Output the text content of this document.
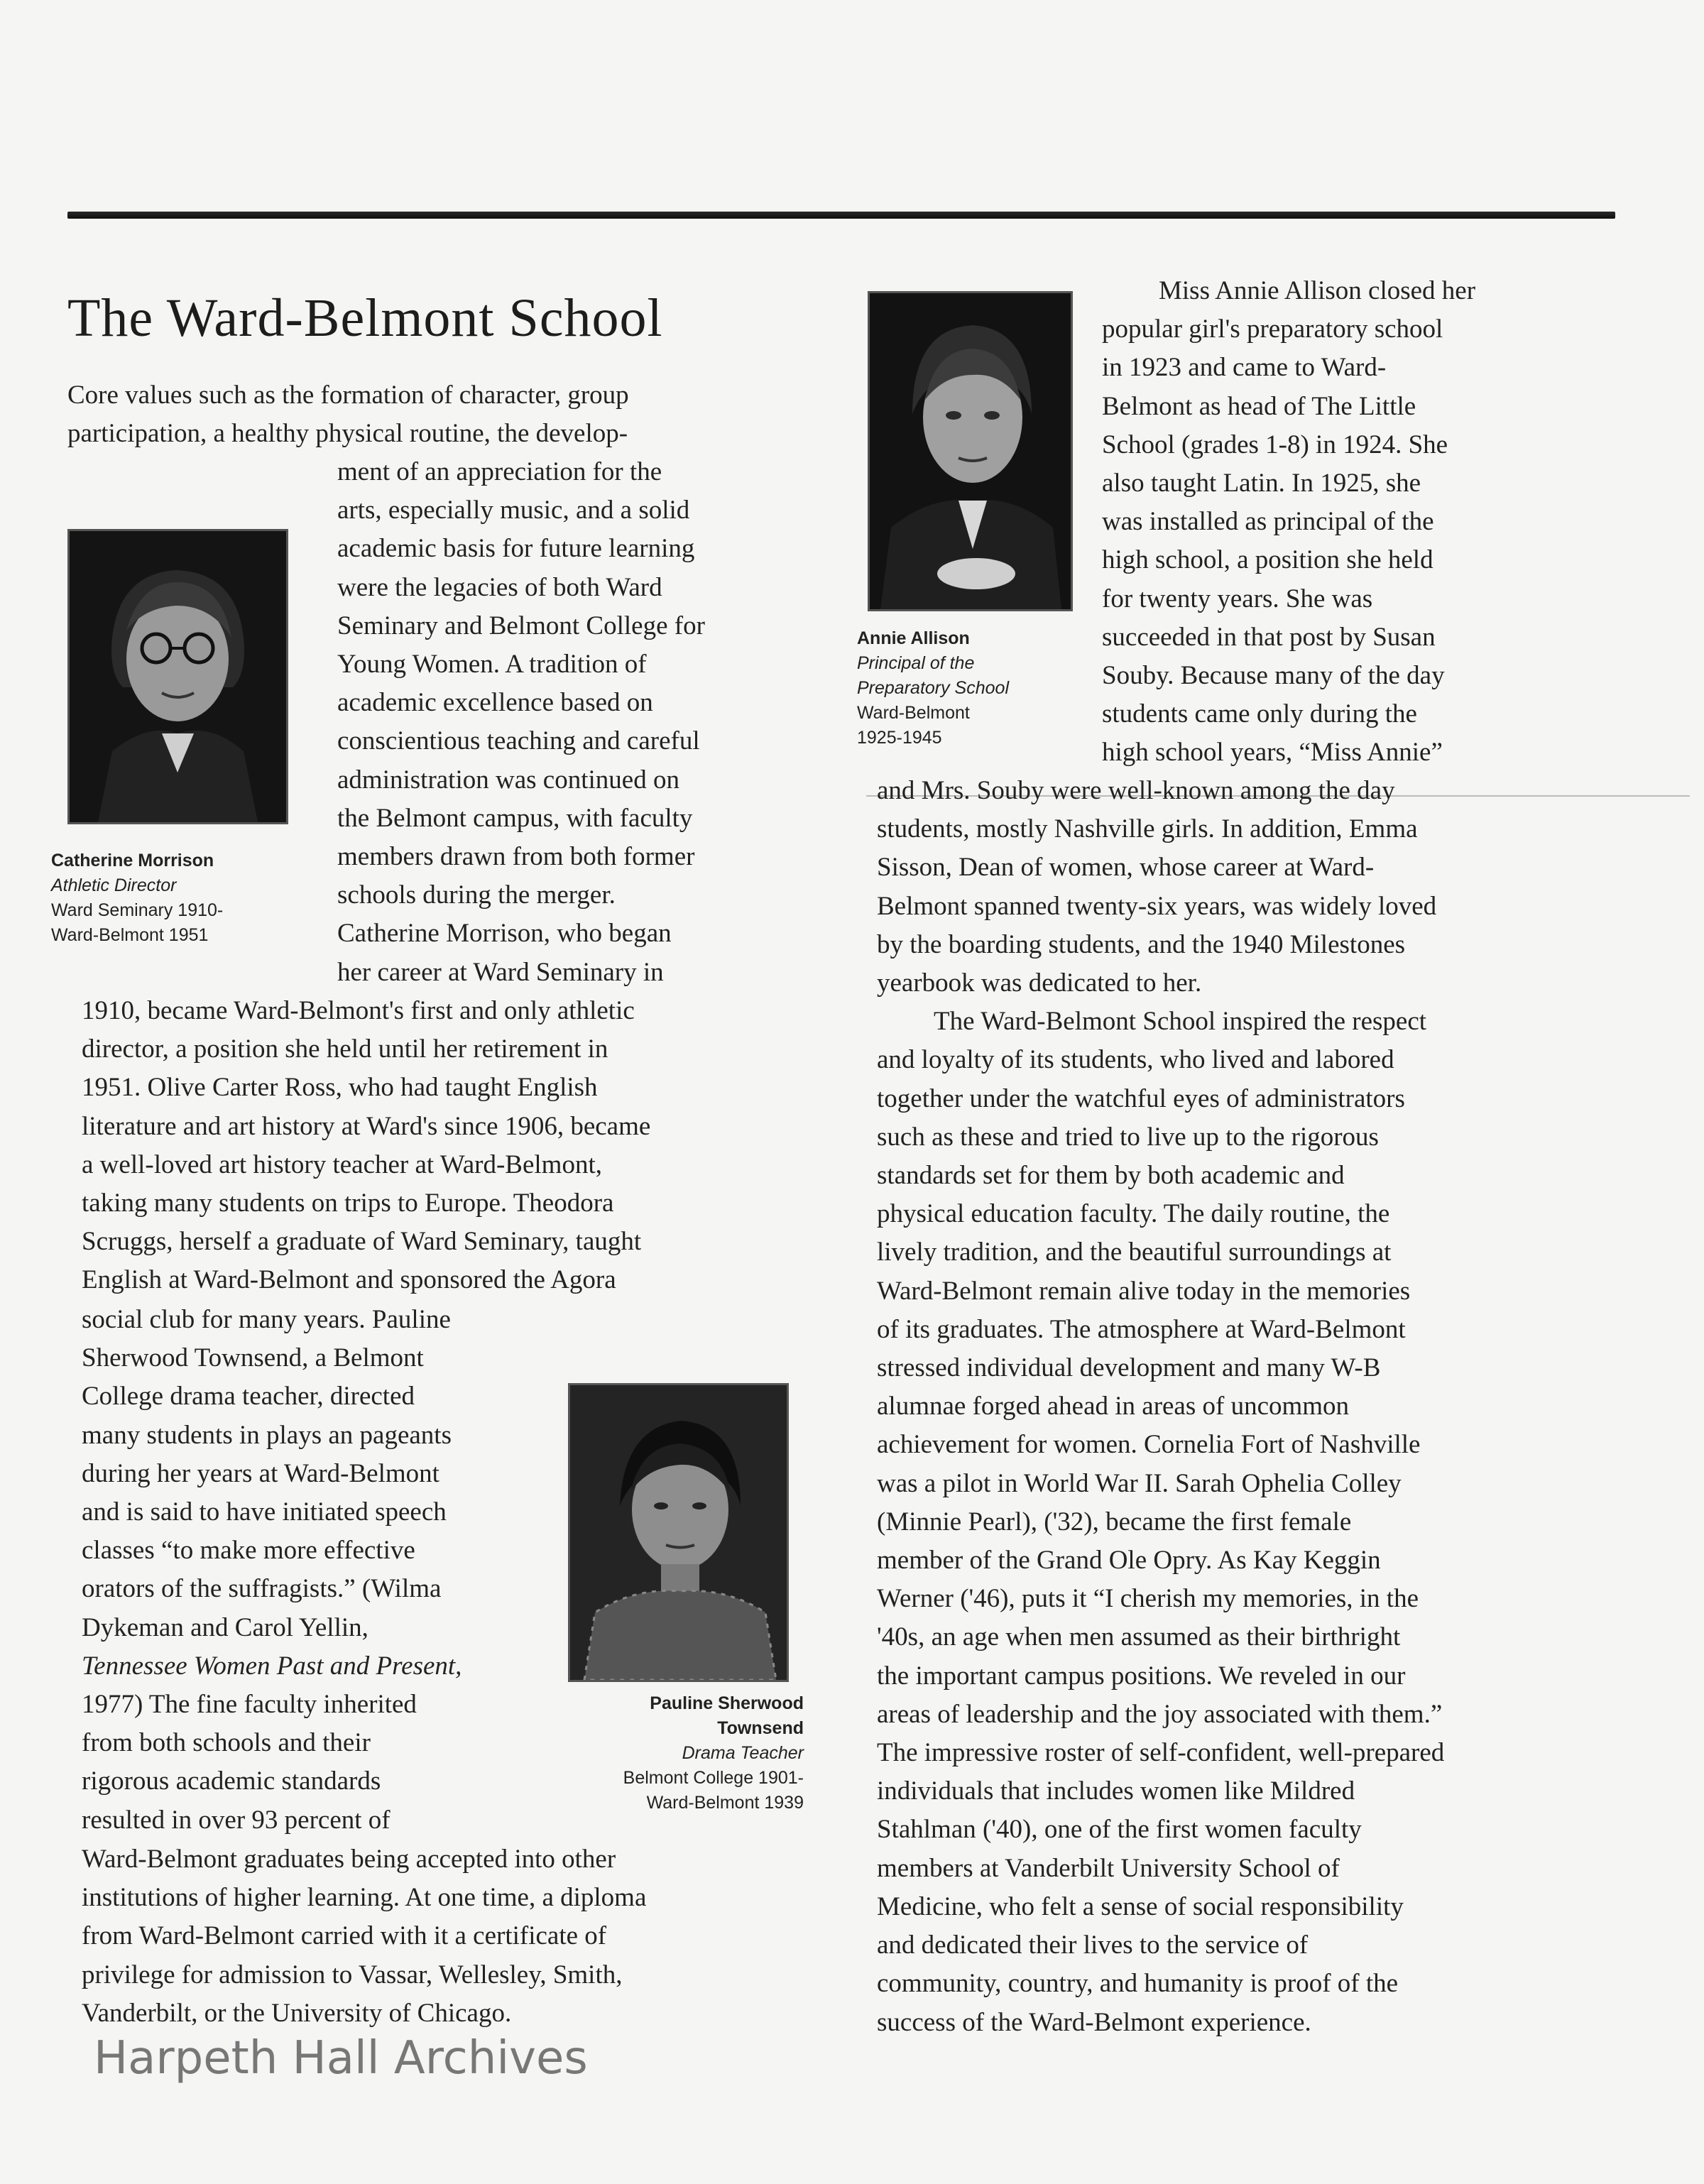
The Ward-Belmont School
Core values such as the formation of character, group
participation, a healthy physical routine, the develop-
ment of an appreciation for the
arts, especially music, and a solid
academic basis for future learning
were the legacies of both Ward
Seminary and Belmont College for
Young Women. A tradition of
academic excellence based on
conscientious teaching and careful
administration was continued on
the Belmont campus, with faculty
members drawn from both former
schools during the merger.
Catherine Morrison, who began
her career at Ward Seminary in
Catherine Morrison
Athletic Director
Ward Seminary 1910-
Ward-Belmont 1951
1910, became Ward-Belmont's first and only athletic
director, a position she held until her retirement in
1951. Olive Carter Ross, who had taught English
literature and art history at Ward's since 1906, became
a well-loved art history teacher at Ward-Belmont,
taking many students on trips to Europe. Theodora
Scruggs, herself a graduate of Ward Seminary, taught
English at Ward-Belmont and sponsored the Agora
social club for many years. Pauline
Sherwood Townsend, a Belmont
College drama teacher, directed
many students in plays an pageants
during her years at Ward-Belmont
and is said to have initiated speech
classes “to make more effective
orators of the suffragists.” (Wilma
Dykeman and Carol Yellin,
Tennessee Women Past and Present,
1977) The fine faculty inherited
from both schools and their
rigorous academic standards
resulted in over 93 percent of
Pauline Sherwood
Townsend
Drama Teacher
Belmont College 1901-
Ward-Belmont 1939
Ward-Belmont graduates being accepted into other
institutions of higher learning. At one time, a diploma
from Ward-Belmont carried with it a certificate of
privilege for admission to Vassar, Wellesley, Smith,
Vanderbilt, or the University of Chicago.
Annie Allison
Principal of the
Preparatory School
Ward-Belmont
1925-1945
Miss Annie Allison closed her
popular girl's preparatory school
in 1923 and came to Ward-
Belmont as head of The Little
School (grades 1-8) in 1924. She
also taught Latin. In 1925, she
was installed as principal of the
high school, a position she held
for twenty years. She was
succeeded in that post by Susan
Souby. Because many of the day
students came only during the
high school years, “Miss Annie”
and Mrs. Souby were well-known among the day
students, mostly Nashville girls. In addition, Emma
Sisson, Dean of women, whose career at Ward-
Belmont spanned twenty-six years, was widely loved
by the boarding students, and the 1940 Milestones
yearbook was dedicated to her.
The Ward-Belmont School inspired the respect
and loyalty of its students, who lived and labored
together under the watchful eyes of administrators
such as these and tried to live up to the rigorous
standards set for them by both academic and
physical education faculty. The daily routine, the
lively tradition, and the beautiful surroundings at
Ward-Belmont remain alive today in the memories
of its graduates. The atmosphere at Ward-Belmont
stressed individual development and many W-B
alumnae forged ahead in areas of uncommon
achievement for women. Cornelia Fort of Nashville
was a pilot in World War II. Sarah Ophelia Colley
(Minnie Pearl), ('32), became the first female
member of the Grand Ole Opry. As Kay Keggin
Werner ('46), puts it “I cherish my memories, in the
'40s, an age when men assumed as their birthright
the important campus positions. We reveled in our
areas of leadership and the joy associated with them.”
The impressive roster of self-confident, well-prepared
individuals that includes women like Mildred
Stahlman ('40), one of the first women faculty
members at Vanderbilt University School of
Medicine, who felt a sense of social responsibility
and dedicated their lives to the service of
community, country, and humanity is proof of the
success of the Ward-Belmont experience.
Harpeth Hall Archives
